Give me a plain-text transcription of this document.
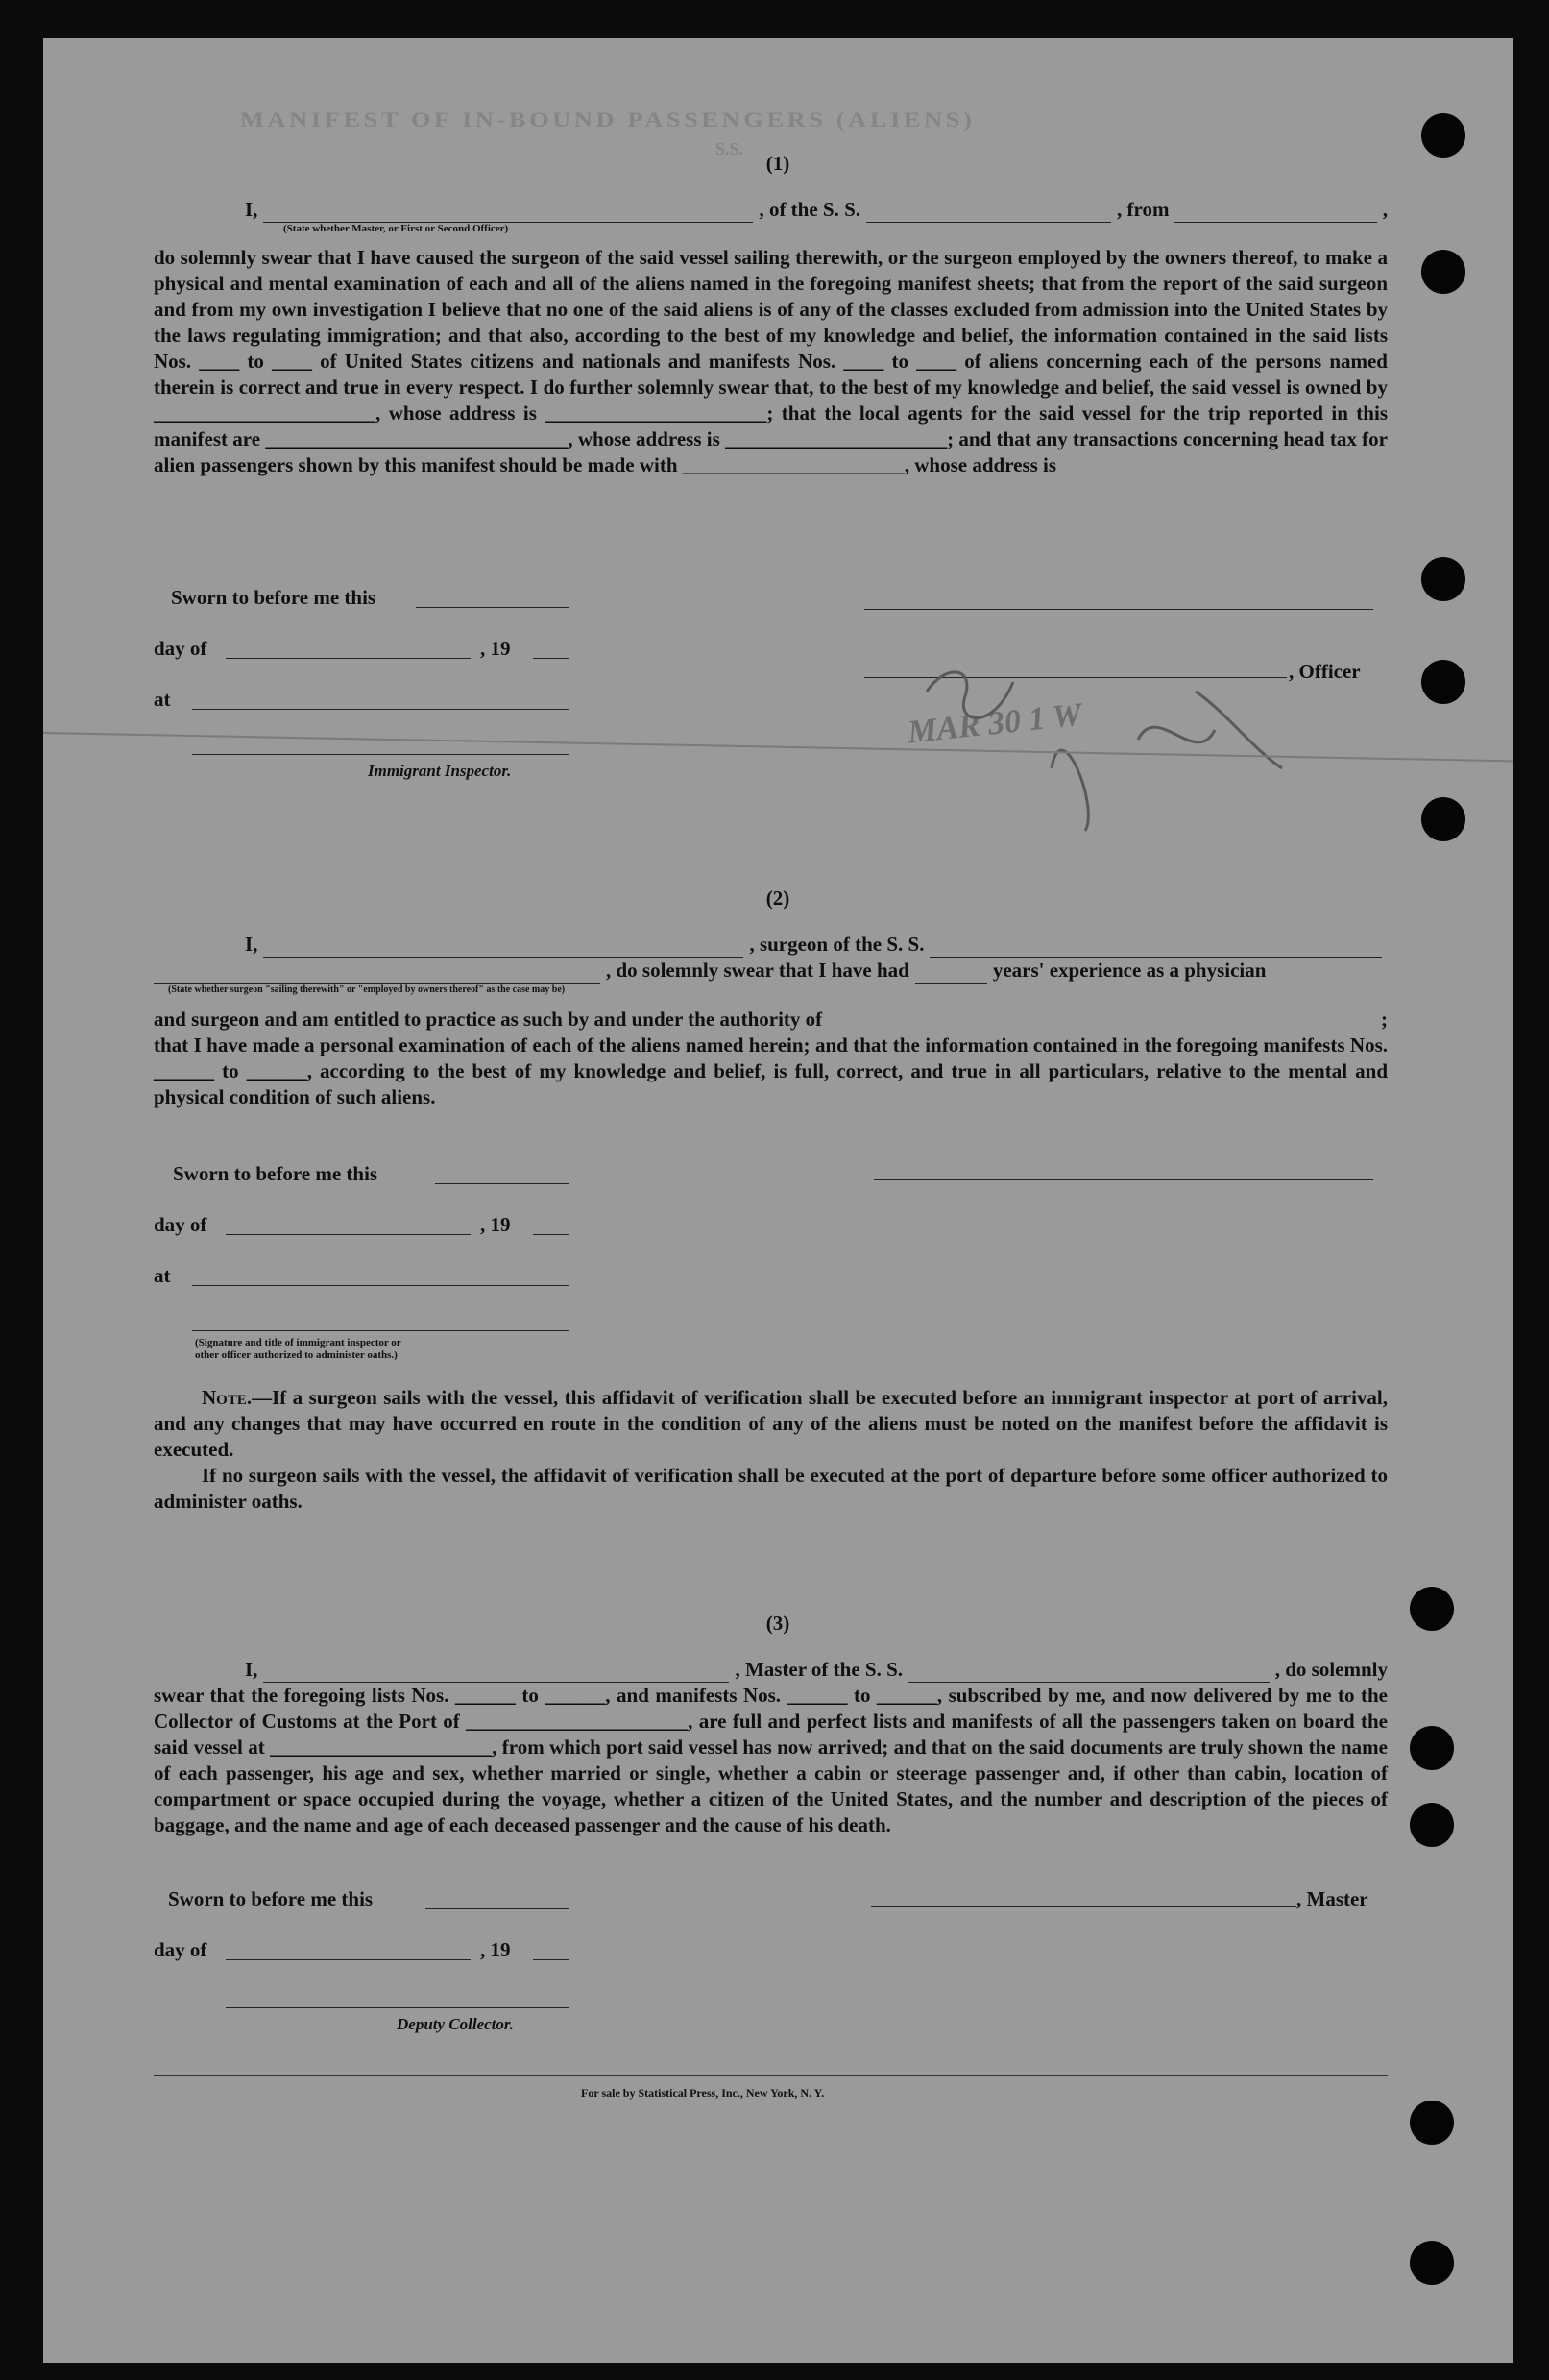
MANIFEST OF IN-BOUND PASSENGERS (ALIENS)
S.S.
MAR 30 1 W
(1)
I,	, of the S. S.	, from	,
(State whether Master, or First or Second Officer)

do solemnly swear that I have caused the surgeon of the said vessel sailing therewith, or the surgeon employed by the owners thereof, to make a physical and mental examination of each and all of the aliens named in the foregoing manifest sheets; that from the report of the said surgeon and from my own investigation I believe that no one of the said aliens is of any of the classes excluded from admission into the United States by the laws regulating immigration; and that also, according to the best of my knowledge and belief, the information contained in the said lists Nos. ____ to ____ of United States citizens and nationals and manifests Nos. ____ to ____ of aliens concerning each of the persons named therein is correct and true in every respect. I do further solemnly swear that, to the best of my knowledge and belief, the said vessel is owned by ______________________, whose address is ______________________; that the local agents for the said vessel for the trip reported in this manifest are ______________________________, whose address is ______________________; and that any transactions concerning head tax for alien passengers shown by this manifest should be made with ______________________, whose address is

Sworn to before me this
day of	, 19
, Officer
at
Immigrant Inspector.
(2)
I,	, surgeon of the S. S.
, do solemnly swear that I have had	years' experience as a physician
(State whether surgeon "sailing therewith" or "employed by owners thereof" as the case may be)
and surgeon and am entitled to practice as such by and under the authority of	;

that I have made a personal examination of each of the aliens named herein; and that the information contained in the foregoing manifests Nos. ______ to ______, according to the best of my knowledge and belief, is full, correct, and true in all particulars, relative to the mental and physical condition of such aliens.

Sworn to before me this
day of	, 19
at
(Signature and title of immigrant inspector or
other officer authorized to administer oaths.)
Note.—If a surgeon sails with the vessel, this affidavit of verification shall be executed before an immigrant inspector at port of arrival, and any changes that may have occurred en route in the condition of any of the aliens must be noted on the manifest before the affidavit is executed.
If no surgeon sails with the vessel, the affidavit of verification shall be executed at the port of departure before some officer authorized to administer oaths.
(3)
I,	, Master of the S. S.	, do solemnly

swear that the foregoing lists Nos. ______ to ______, and manifests Nos. ______ to ______, subscribed by me, and now delivered by me to the Collector of Customs at the Port of ______________________, are full and perfect lists and manifests of all the passengers taken on board the said vessel at ______________________, from which port said vessel has now arrived; and that on the said documents are truly shown the name of each passenger, his age and sex, whether married or single, whether a cabin or steerage passenger and, if other than cabin, location of compartment or space occupied during the voyage, whether a citizen of the United States, and the number and description of the pieces of baggage, and the name and age of each deceased passenger and the cause of his death.

Sworn to before me this	, Master
day of	, 19
Deputy Collector.
For sale by Statistical Press, Inc., New York, N. Y.
